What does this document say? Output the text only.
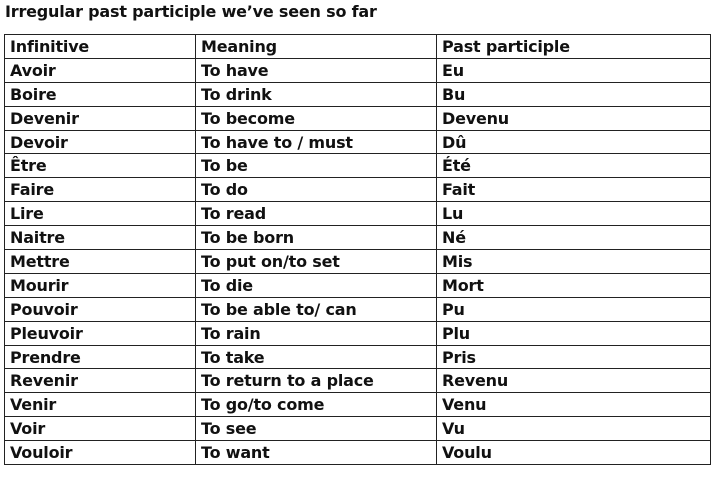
Irregular past participle we’ve seen so far
Infinitive	Meaning	Past participle
Avoir	To have	Eu
Boire	To drink	Bu
Devenir	To become	Devenu
Devoir	To have to / must	Dû
Être	To be	Été
Faire	To do	Fait
Lire	To read	Lu
Naitre	To be born	Né
Mettre	To put on/to set	Mis
Mourir	To die	Mort
Pouvoir	To be able to/ can	Pu
Pleuvoir	To rain	Plu
Prendre	To take	Pris
Revenir	To return to a place	Revenu
Venir	To go/to come	Venu
Voir	To see	Vu
Vouloir	To want	Voulu
